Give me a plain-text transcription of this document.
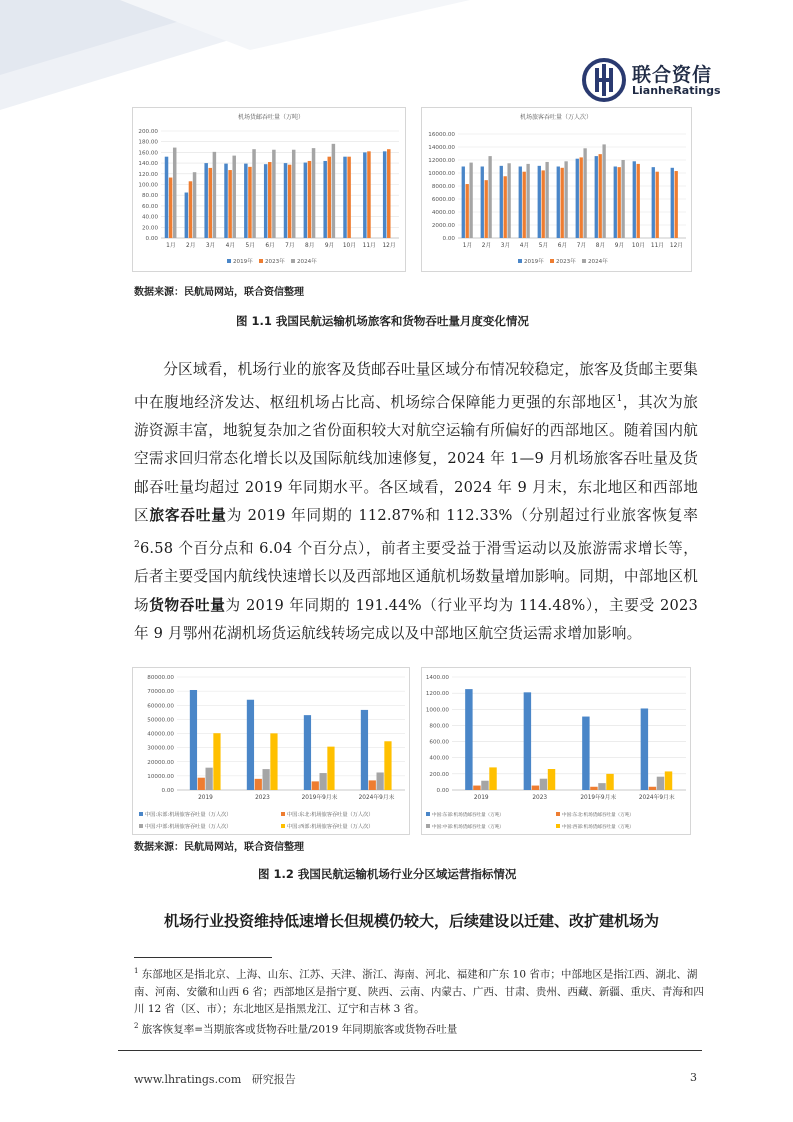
联合资信
LianheRatings
机场货邮吞吐量（万吨）
0.00
20.00
40.00
60.00
80.00
100.00
120.00
140.00
160.00
180.00
200.00
1月 2月 3月 4月 5月 6月 7月 8月 9月 10月 11月 12月
2019年 2023年 2024年
机场旅客吞吐量（万人次）
0.00
2000.00
4000.00
6000.00
8000.00
10000.00
12000.00
14000.00
16000.00
1月 2月 3月 4月 5月 6月 7月 8月 9月 10月 11月 12月
2019年 2023年 2024年
数据来源：民航局网站，联合资信整理
图 1.1 我国民航运输机场旅客和货物吞吐量月度变化情况

分区域看，机场行业的旅客及货邮吞吐量区域分布情况较稳定，旅客及货邮主要集中在腹地经济发达、枢纽机场占比高、机场综合保障能力更强的东部地区$^1$，其次为旅游资源丰富，地貌复杂加之省份面积较大对航空运输有所偏好的西部地区。随着国内航空需求回归常态化增长以及国际航线加速修复，2024 年 1—9 月机场旅客吞吐量及货邮吞吐量均超过 2019 年同期水平。各区域看，2024 年 9 月末，东北地区和西部地区旅客吞吐量为 2019 年同期的 112.87%和 112.33%（分别超过行业旅客恢复率$^2$6.58 个百分点和 6.04 个百分点），前者主要受益于滑雪运动以及旅游需求增长等，后者主要受国内航线快速增长以及西部地区通航机场数量增加影响。同期，中部地区机场货物吞吐量为 2019 年同期的 191.44%（行业平均为 114.48%），主要受 2023 年 9 月鄂州花湖机场货运航线转场完成以及中部地区航空货运需求增加影响。

0.00
10000.00
20000.00
30000.00
40000.00
50000.00
60000.00
70000.00
80000.00
2019	2023	2019年9月末	2024年9月末
中国:东部:机场旅客吞吐量（万人次）	中国:东北:机场旅客吞吐量（万人次）
中国:中部:机场旅客吞吐量（万人次）	中国:西部:机场旅客吞吐量（万人次）
0.00
200.00
400.00
600.00
800.00
1000.00
1200.00
1400.00
2019	2023	2019年9月末	2024年9月末
中国:东部:机场货邮吞吐量（万吨）	中国:东北:机场货邮吞吐量（万吨）
中国:中部:机场货邮吞吐量（万吨）	中国:西部:机场货邮吞吐量（万吨）
数据来源：民航局网站，联合资信整理
图 1.2 我国民航运输机场行业分区域运营指标情况

机场行业投资维持低速增长但规模仍较大，后续建设以迁建、改扩建机场为

$^1$ 东部地区是指北京、上海、山东、江苏、天津、浙江、海南、河北、福建和广东 10 省市；中部地区是指江西、湖北、湖南、河南、安徽和山西 6 省；西部地区是指宁夏、陕西、云南、内蒙古、广西、甘肃、贵州、西藏、新疆、重庆、青海和四川 12 省（区、市）；东北地区是指黑龙江、辽宁和吉林 3 省。

$^2$ 旅客恢复率=当期旅客或货物吞吐量/2019 年同期旅客或货物吞吐量

www.lhratings.com 研究报告	3
